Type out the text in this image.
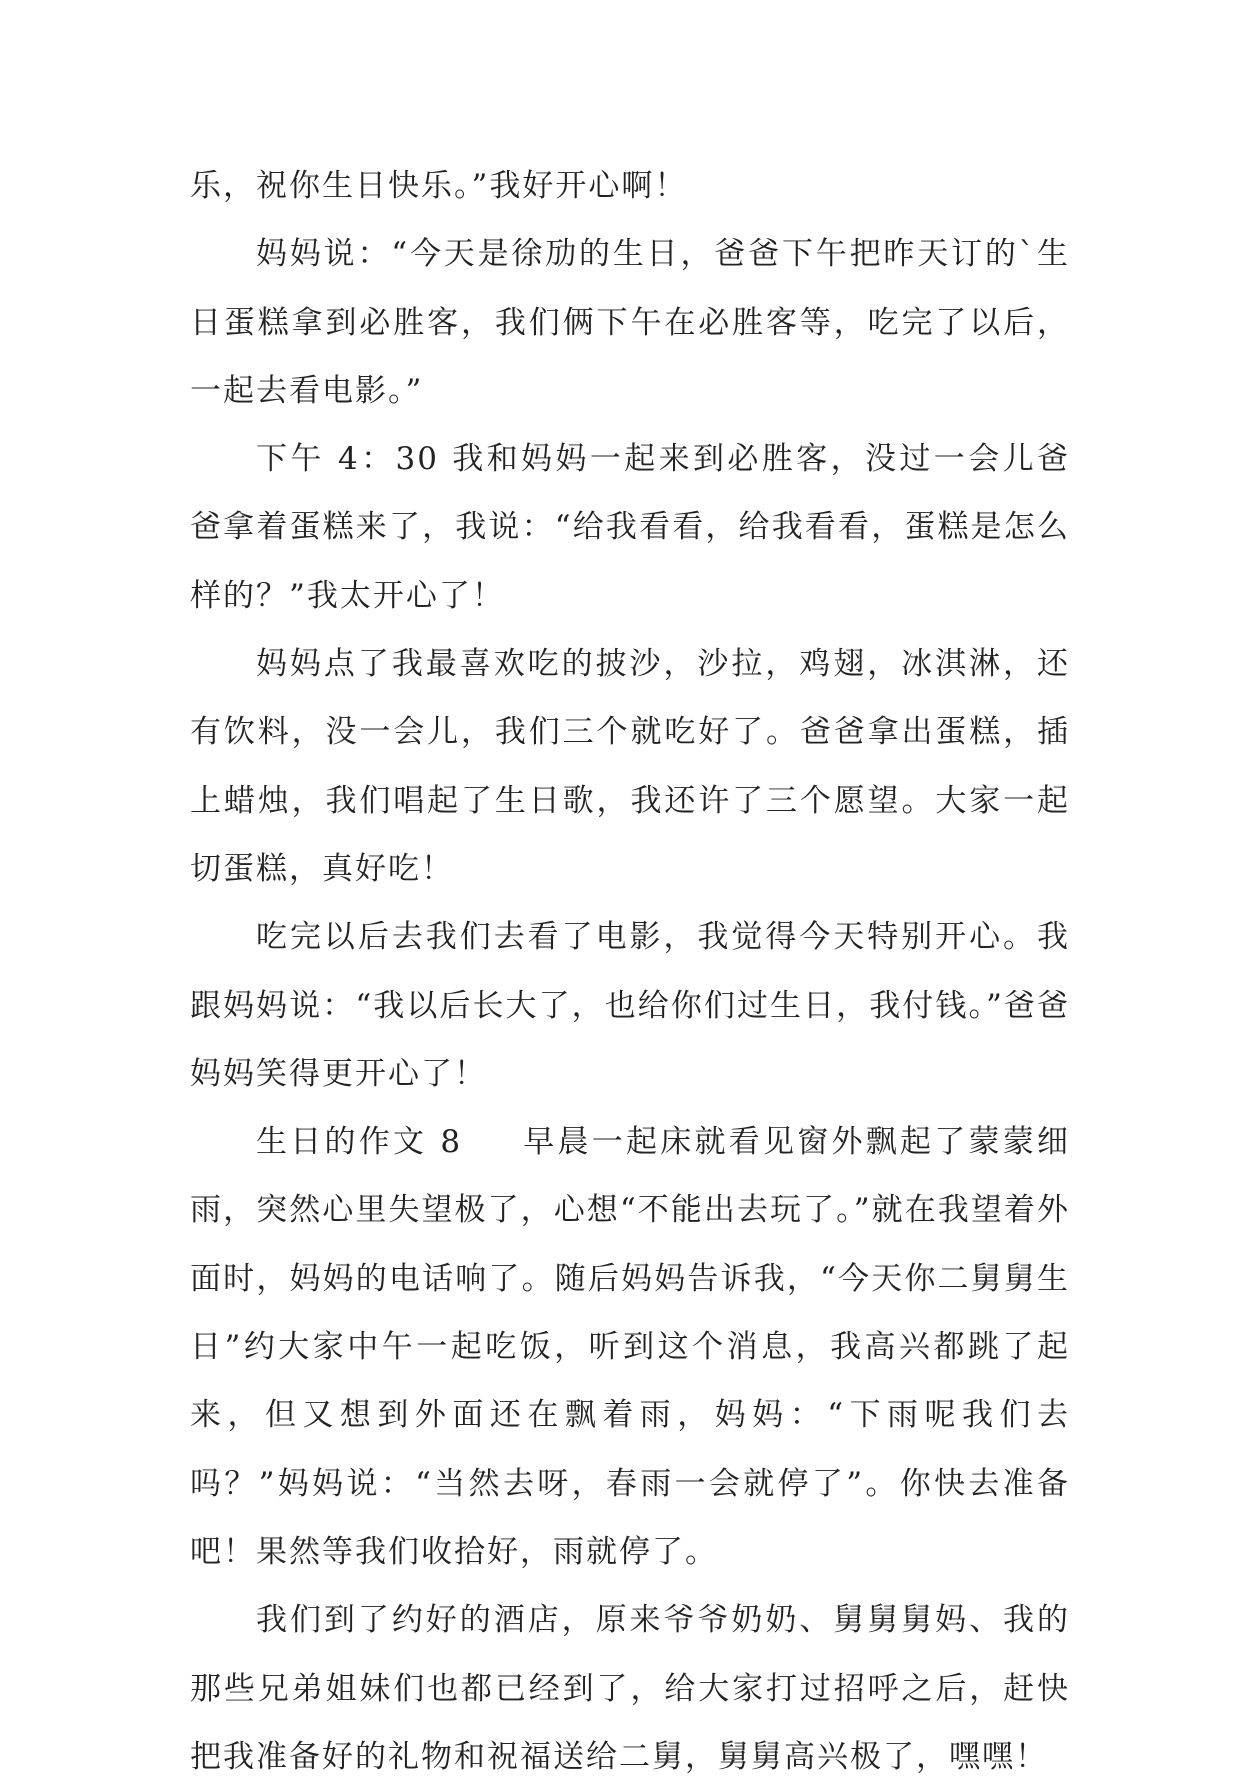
乐，祝你生日快乐。”我好开心啊！

妈妈说：“今天是徐劢的生日，爸爸下午把昨天订的`生日蛋糕拿到必胜客，我们俩下午在必胜客等，吃完了以后，一起去看电影。”

下午 4：30 我和妈妈一起来到必胜客，没过一会儿爸爸拿着蛋糕来了，我说：“给我看看，给我看看，蛋糕是怎么样的？”我太开心了！

妈妈点了我最喜欢吃的披沙，沙拉，鸡翅，冰淇淋，还有饮料，没一会儿，我们三个就吃好了。爸爸拿出蛋糕，插上蜡烛，我们唱起了生日歌，我还许了三个愿望。大家一起切蛋糕，真好吃！

吃完以后去我们去看了电影，我觉得今天特别开心。我跟妈妈说：“我以后长大了，也给你们过生日，我付钱。”爸爸妈妈笑得更开心了！

生日的作文 8 早晨一起床就看见窗外飘起了蒙蒙细雨，突然心里失望极了，心想“不能出去玩了。”就在我望着外面时，妈妈的电话响了。随后妈妈告诉我，“今天你二舅舅生日”约大家中午一起吃饭，听到这个消息，我高兴都跳了起来，但又想到外面还在飘着雨，妈妈：“下雨呢我们去吗？”妈妈说：“当然去呀，春雨一会就停了”。你快去准备吧！果然等我们收拾好，雨就停了。

我们到了约好的酒店，原来爷爷奶奶、舅舅舅妈、我的那些兄弟姐妹们也都已经到了，给大家打过招呼之后，赶快把我准备好的礼物和祝福送给二舅，舅舅高兴极了，嘿嘿！
